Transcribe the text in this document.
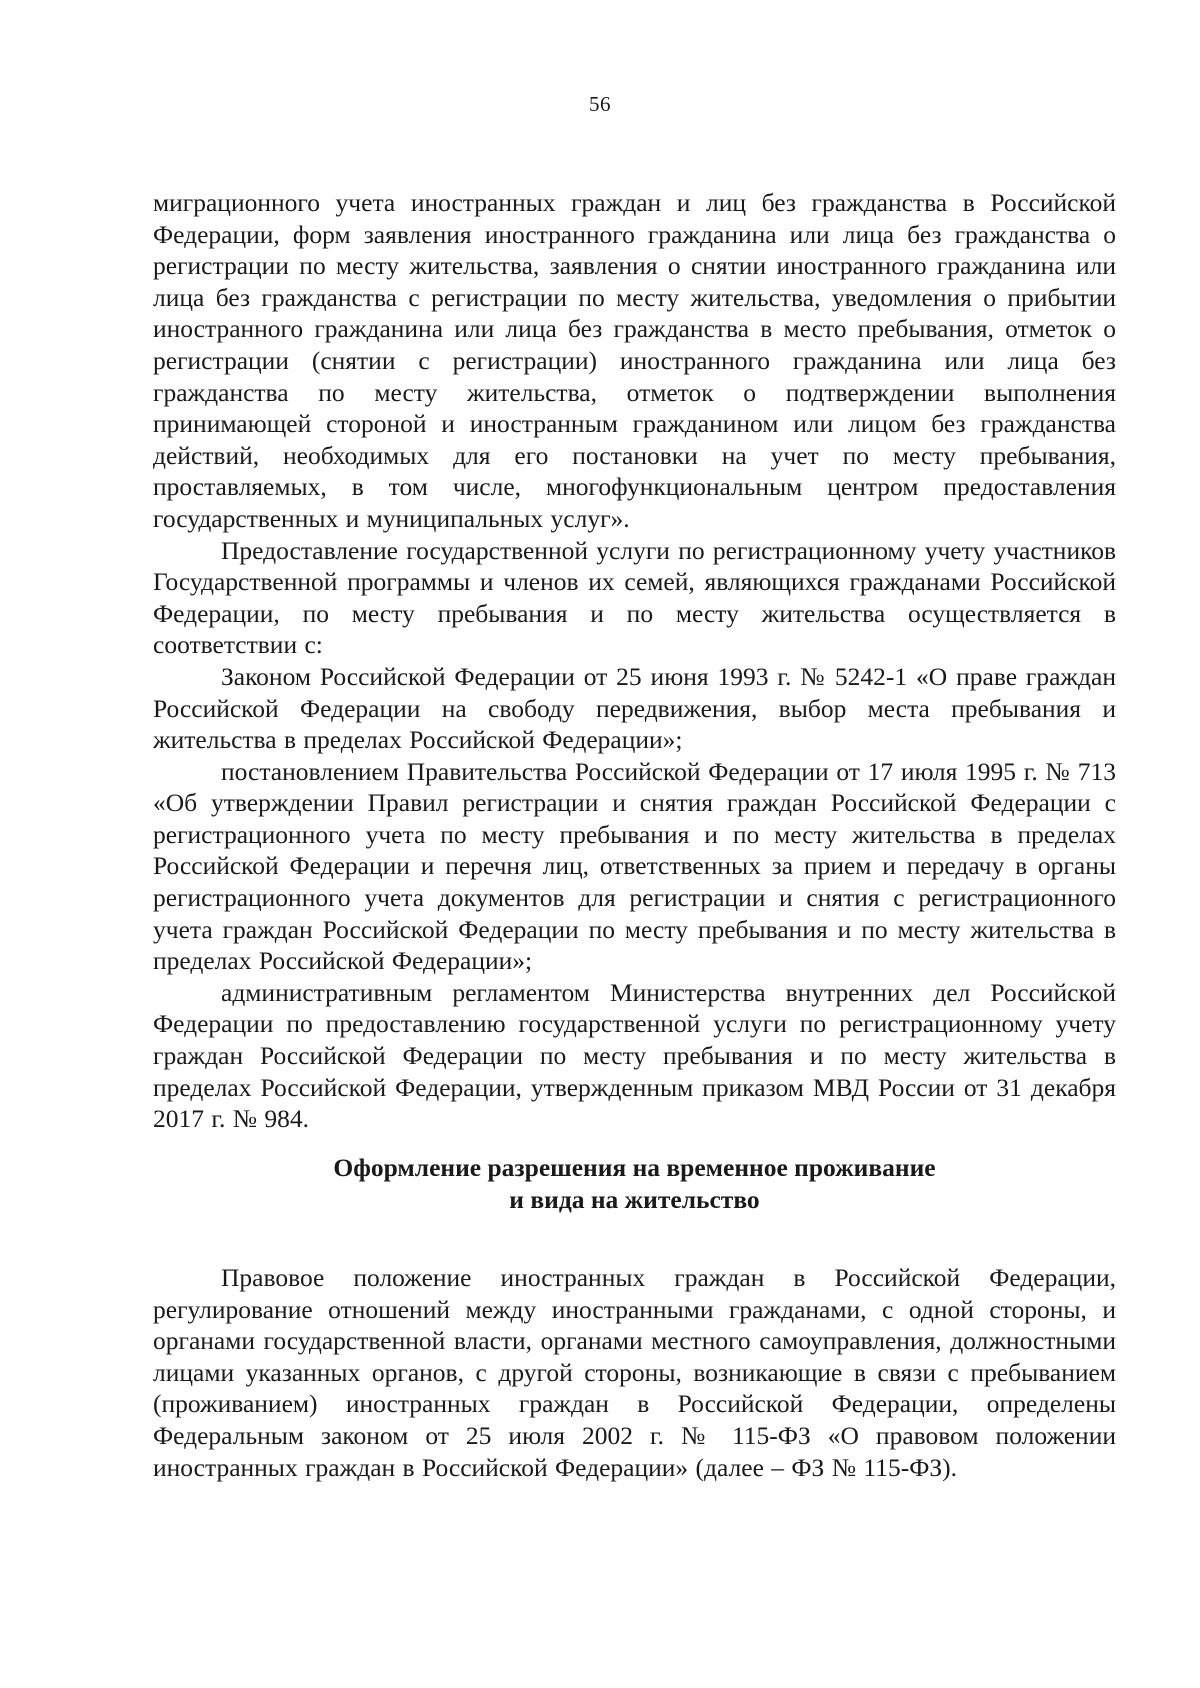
56

миграционного учета иностранных граждан и лиц без гражданства в Российской Федерации, форм заявления иностранного гражданина или лица без гражданства о регистрации по месту жительства, заявления о снятии иностранного гражданина или лица без гражданства с регистрации по месту жительства, уведомления о прибытии иностранного гражданина или лица без гражданства в место пребывания, отметок о регистрации (снятии с регистрации) иностранного гражданина или лица без гражданства по месту жительства, отметок о подтверждении выполнения принимающей стороной и иностранным гражданином или лицом без гражданства действий, необходимых для его постановки на учет по месту пребывания, проставляемых, в том числе, многофункциональным центром предоставления государственных и муниципальных услуг».

Предоставление государственной услуги по регистрационному учету участников Государственной программы и членов их семей, являющихся гражданами Российской Федерации, по месту пребывания и по месту жительства осуществляется в соответствии с:

Законом Российской Федерации от 25 июня 1993 г. № 5242-1 «О праве граждан Российской Федерации на свободу передвижения, выбор места пребывания и жительства в пределах Российской Федерации»;

постановлением Правительства Российской Федерации от 17 июля 1995 г. № 713 «Об утверждении Правил регистрации и снятия граждан Российской Федерации с регистрационного учета по месту пребывания и по месту жительства в пределах Российской Федерации и перечня лиц, ответственных за прием и передачу в органы регистрационного учета документов для регистрации и снятия с регистрационного учета граждан Российской Федерации по месту пребывания и по месту жительства в пределах Российской Федерации»;

административным регламентом Министерства внутренних дел Российской Федерации по предоставлению государственной услуги по регистрационному учету граждан Российской Федерации по месту пребывания и по месту жительства в пределах Российской Федерации, утвержденным приказом МВД России от 31 декабря 2017 г. № 984.

Оформление разрешения на временное проживание
и вида на жительство

Правовое положение иностранных граждан в Российской Федерации, регулирование отношений между иностранными гражданами, с одной стороны, и органами государственной власти, органами местного самоуправления, должностными лицами указанных органов, с другой стороны, возникающие в связи с пребыванием (проживанием) иностранных граждан в Российской Федерации, определены Федеральным законом от 25 июля 2002 г. № 115-ФЗ «О правовом положении иностранных граждан в Российской Федерации» (далее – ФЗ № 115-ФЗ).
